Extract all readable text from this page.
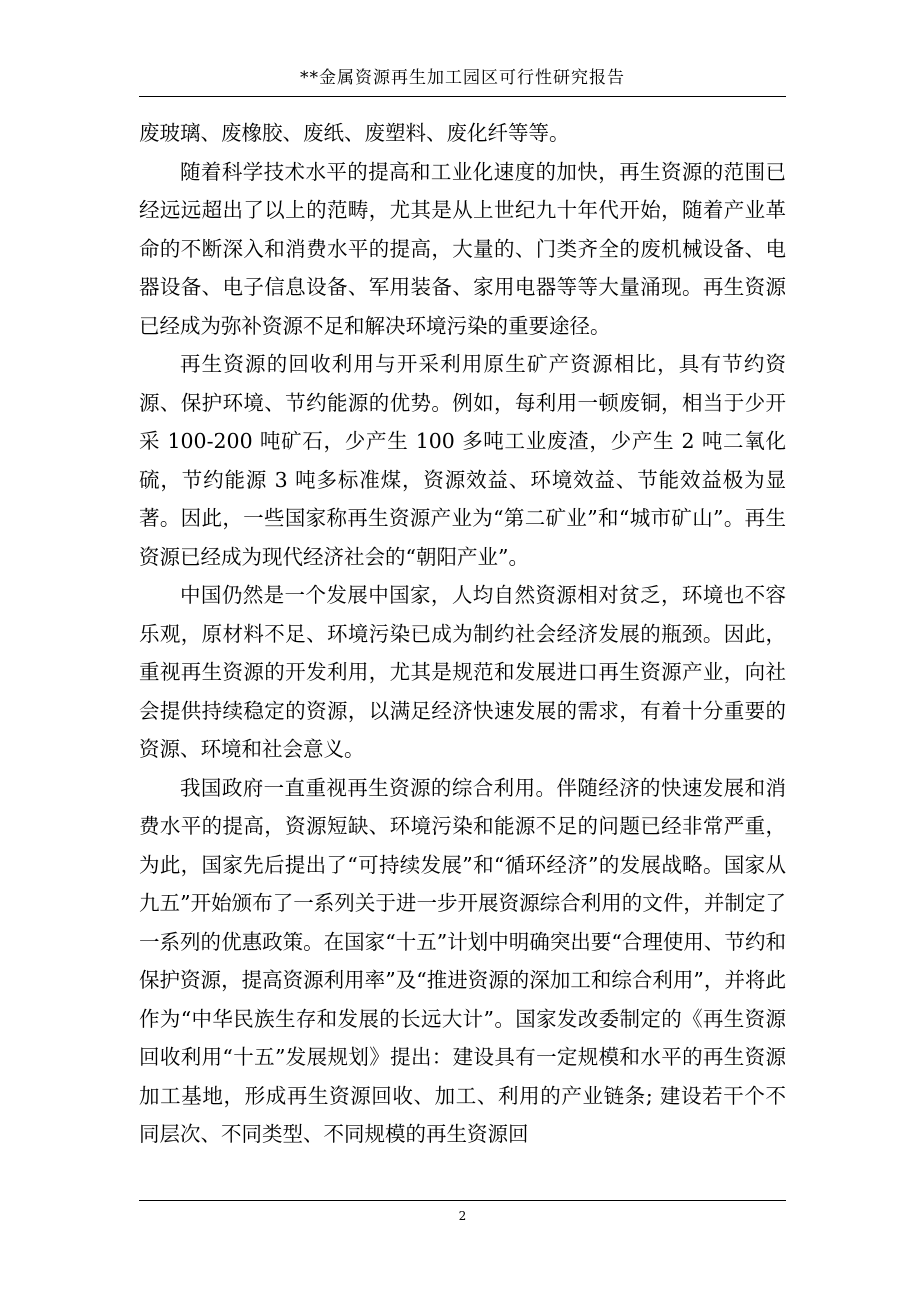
**金属资源再生加工园区可行性研究报告

废玻璃、废橡胶、废纸、废塑料、废化纤等等。

随着科学技术水平的提高和工业化速度的加快，再生资源的范围已经远远超出了以上的范畴，尤其是从上世纪九十年代开始，随着产业革命的不断深入和消费水平的提高，大量的、门类齐全的废机械设备、电器设备、电子信息设备、军用装备、家用电器等等大量涌现。再生资源已经成为弥补资源不足和解决环境污染的重要途径。

再生资源的回收利用与开采利用原生矿产资源相比，具有节约资源、保护环境、节约能源的优势。例如，每利用一顿废铜，相当于少开采 100-200 吨矿石，少产生 100 多吨工业废渣，少产生 2 吨二氧化硫，节约能源 3 吨多标准煤，资源效益、环境效益、节能效益极为显著。因此，一些国家称再生资源产业为“第二矿业”和“城市矿山”。再生资源已经成为现代经济社会的“朝阳产业”。

中国仍然是一个发展中国家，人均自然资源相对贫乏，环境也不容乐观，原材料不足、环境污染已成为制约社会经济发展的瓶颈。因此，重视再生资源的开发利用，尤其是规范和发展进口再生资源产业，向社会提供持续稳定的资源，以满足经济快速发展的需求，有着十分重要的资源、环境和社会意义。

我国政府一直重视再生资源的综合利用。伴随经济的快速发展和消费水平的提高，资源短缺、环境污染和能源不足的问题已经非常严重，为此，国家先后提出了“可持续发展”和“循环经济”的发展战略。国家从九五”开始颁布了一系列关于进一步开展资源综合利用的文件，并制定了一系列的优惠政策。在国家“十五”计划中明确突出要“合理使用、节约和保护资源，提高资源利用率”及“推进资源的深加工和综合利用”，并将此作为“中华民族生存和发展的长远大计”。国家发改委制定的《再生资源回收利用“十五”发展规划》提出：建设具有一定规模和水平的再生资源加工基地，形成再生资源回收、加工、利用的产业链条; 建设若干个不同层次、不同类型、不同规模的再生资源回

2
